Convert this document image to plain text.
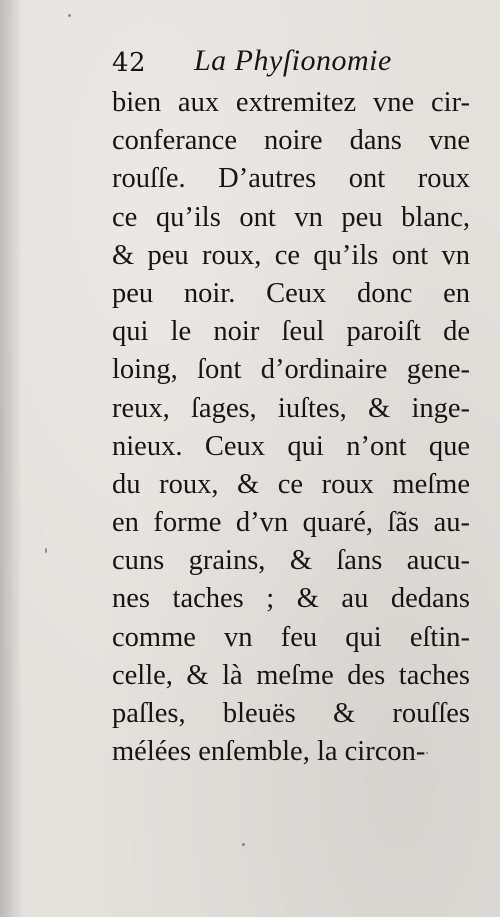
42 La Phyſionomie
bien aux extremitez vne cir-
conferance noire dans vne
rouſſe. D’autres ont roux
ce qu’ils ont vn peu blanc,
& peu roux, ce qu’ils ont vn
peu noir. Ceux donc en
qui le noir ſeul paroiſt de
loing, ſont d’ordinaire gene-
reux, ſages, iuſtes, & inge-
nieux. Ceux qui n’ont que
du roux, & ce roux meſme
en forme d’vn quaré, ſãs au-
cuns grains, & ſans aucu-
nes taches ; & au dedans
comme vn feu qui eſtin-
celle, & là meſme des taches
paſles, bleuës & rouſſes
mélées enſemble, la circon-
